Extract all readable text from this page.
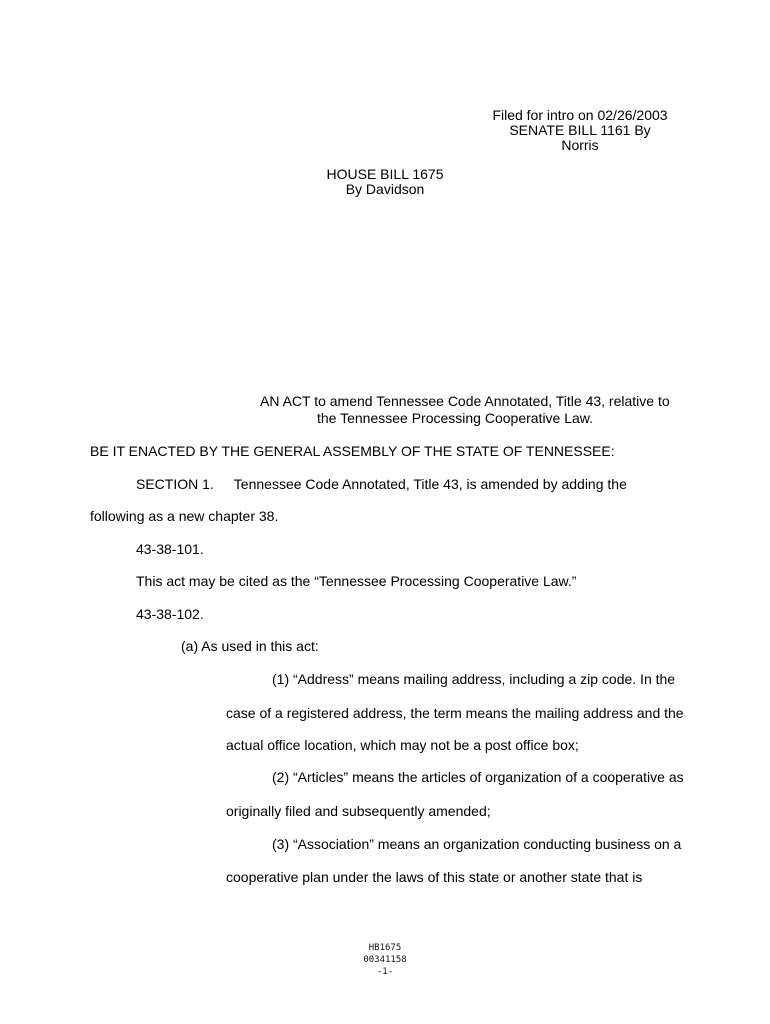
Filed for intro on 02/26/2003
SENATE BILL 1161 By
Norris
HOUSE BILL 1675
By Davidson
AN ACT to amend Tennessee Code Annotated, Title 43, relative to
the Tennessee Processing Cooperative Law.
BE IT ENACTED BY THE GENERAL ASSEMBLY OF THE STATE OF TENNESSEE:
SECTION 1. Tennessee Code Annotated, Title 43, is amended by adding the
following as a new chapter 38.
43-38-101.
This act may be cited as the “Tennessee Processing Cooperative Law.”
43-38-102.
(a) As used in this act:
(1) “Address” means mailing address, including a zip code. In the
case of a registered address, the term means the mailing address and the
actual office location, which may not be a post office box;
(2) “Articles” means the articles of organization of a cooperative as
originally filed and subsequently amended;
(3) “Association” means an organization conducting business on a
cooperative plan under the laws of this state or another state that is
HB1675
00341158
-1-
